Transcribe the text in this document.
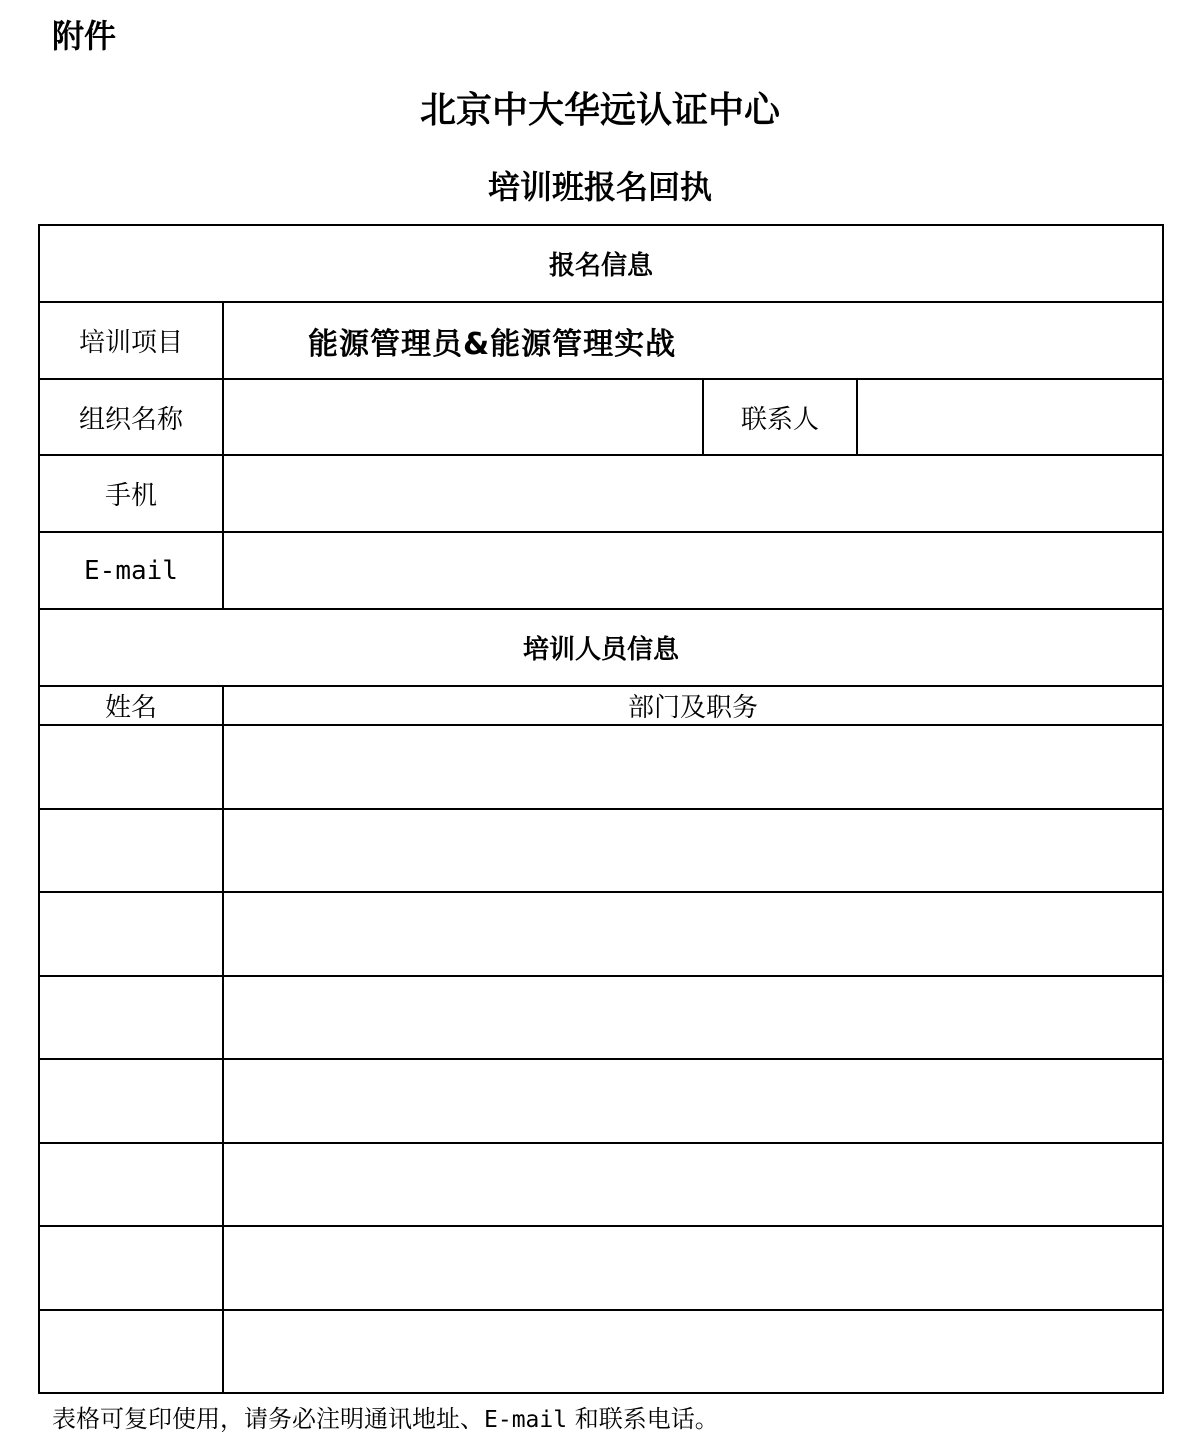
附件
北京中大华远认证中心
培训班报名回执
报名信息			
培训项目	能源管理员&能源管理实战		
组织名称		联系人	
手机			
E-mail			
培训人员信息			
姓名	部门及职务		

表格可复印使用，请务必注明通讯地址、E-mail 和联系电话。
